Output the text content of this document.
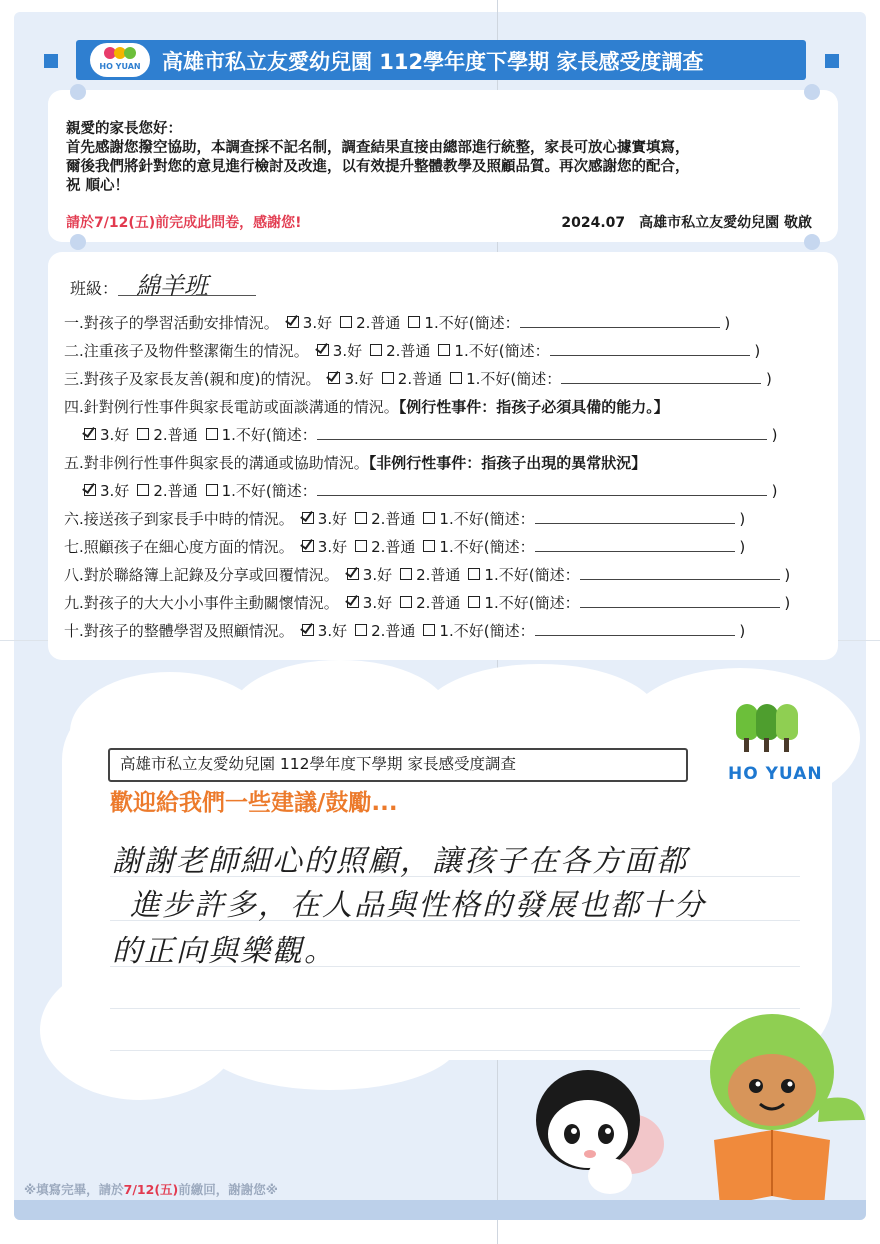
HO YUAN	高雄市私立友愛幼兒園 112學年度下學期 家長感受度調查
親愛的家長您好：
首先感謝您撥空協助，本調查採不記名制，調查結果直接由總部進行統整，家長可放心據實填寫，
爾後我們將針對您的意見進行檢討及改進，以有效提升整體教學及照顧品質。再次感謝您的配合，
祝 順心！
請於7/12(五)前完成此問卷，感謝您!	2024.07　高雄市私立友愛幼兒園 敬啟
班級： 綿羊班
一.對孩子的學習活動安排情況。 3.好 2.普通 1.不好(簡述：	)
二.注重孩子及物件整潔衛生的情況。 3.好 2.普通 1.不好(簡述：	)
三.對孩子及家長友善(親和度)的情況。 3.好 2.普通 1.不好(簡述：	)
四.針對例行性事件與家長電訪或面談溝通的情況。【例行性事件：指孩子必須具備的能力。】
3.好 2.普通 1.不好(簡述：	)
五.對非例行性事件與家長的溝通或協助情況。【非例行性事件：指孩子出現的異常狀況】
3.好 2.普通 1.不好(簡述：	)
六.接送孩子到家長手中時的情況。 3.好 2.普通 1.不好(簡述：	)
七.照顧孩子在細心度方面的情況。 3.好 2.普通 1.不好(簡述：	)
八.對於聯絡簿上記錄及分享或回覆情況。 3.好 2.普通 1.不好(簡述：	)
九.對孩子的大大小小事件主動關懷情況。 3.好 2.普通 1.不好(簡述：	)
十.對孩子的整體學習及照顧情況。 3.好 2.普通 1.不好(簡述：	)
HO YUAN
高雄市私立友愛幼兒園 112學年度下學期 家長感受度調查
歡迎給我們一些建議/鼓勵...
謝謝老師細心的照顧，讓孩子在各方面都
進步許多，在人品與性格的發展也都十分
的正向與樂觀。
※填寫完畢，請於7/12(五)前繳回，謝謝您※
